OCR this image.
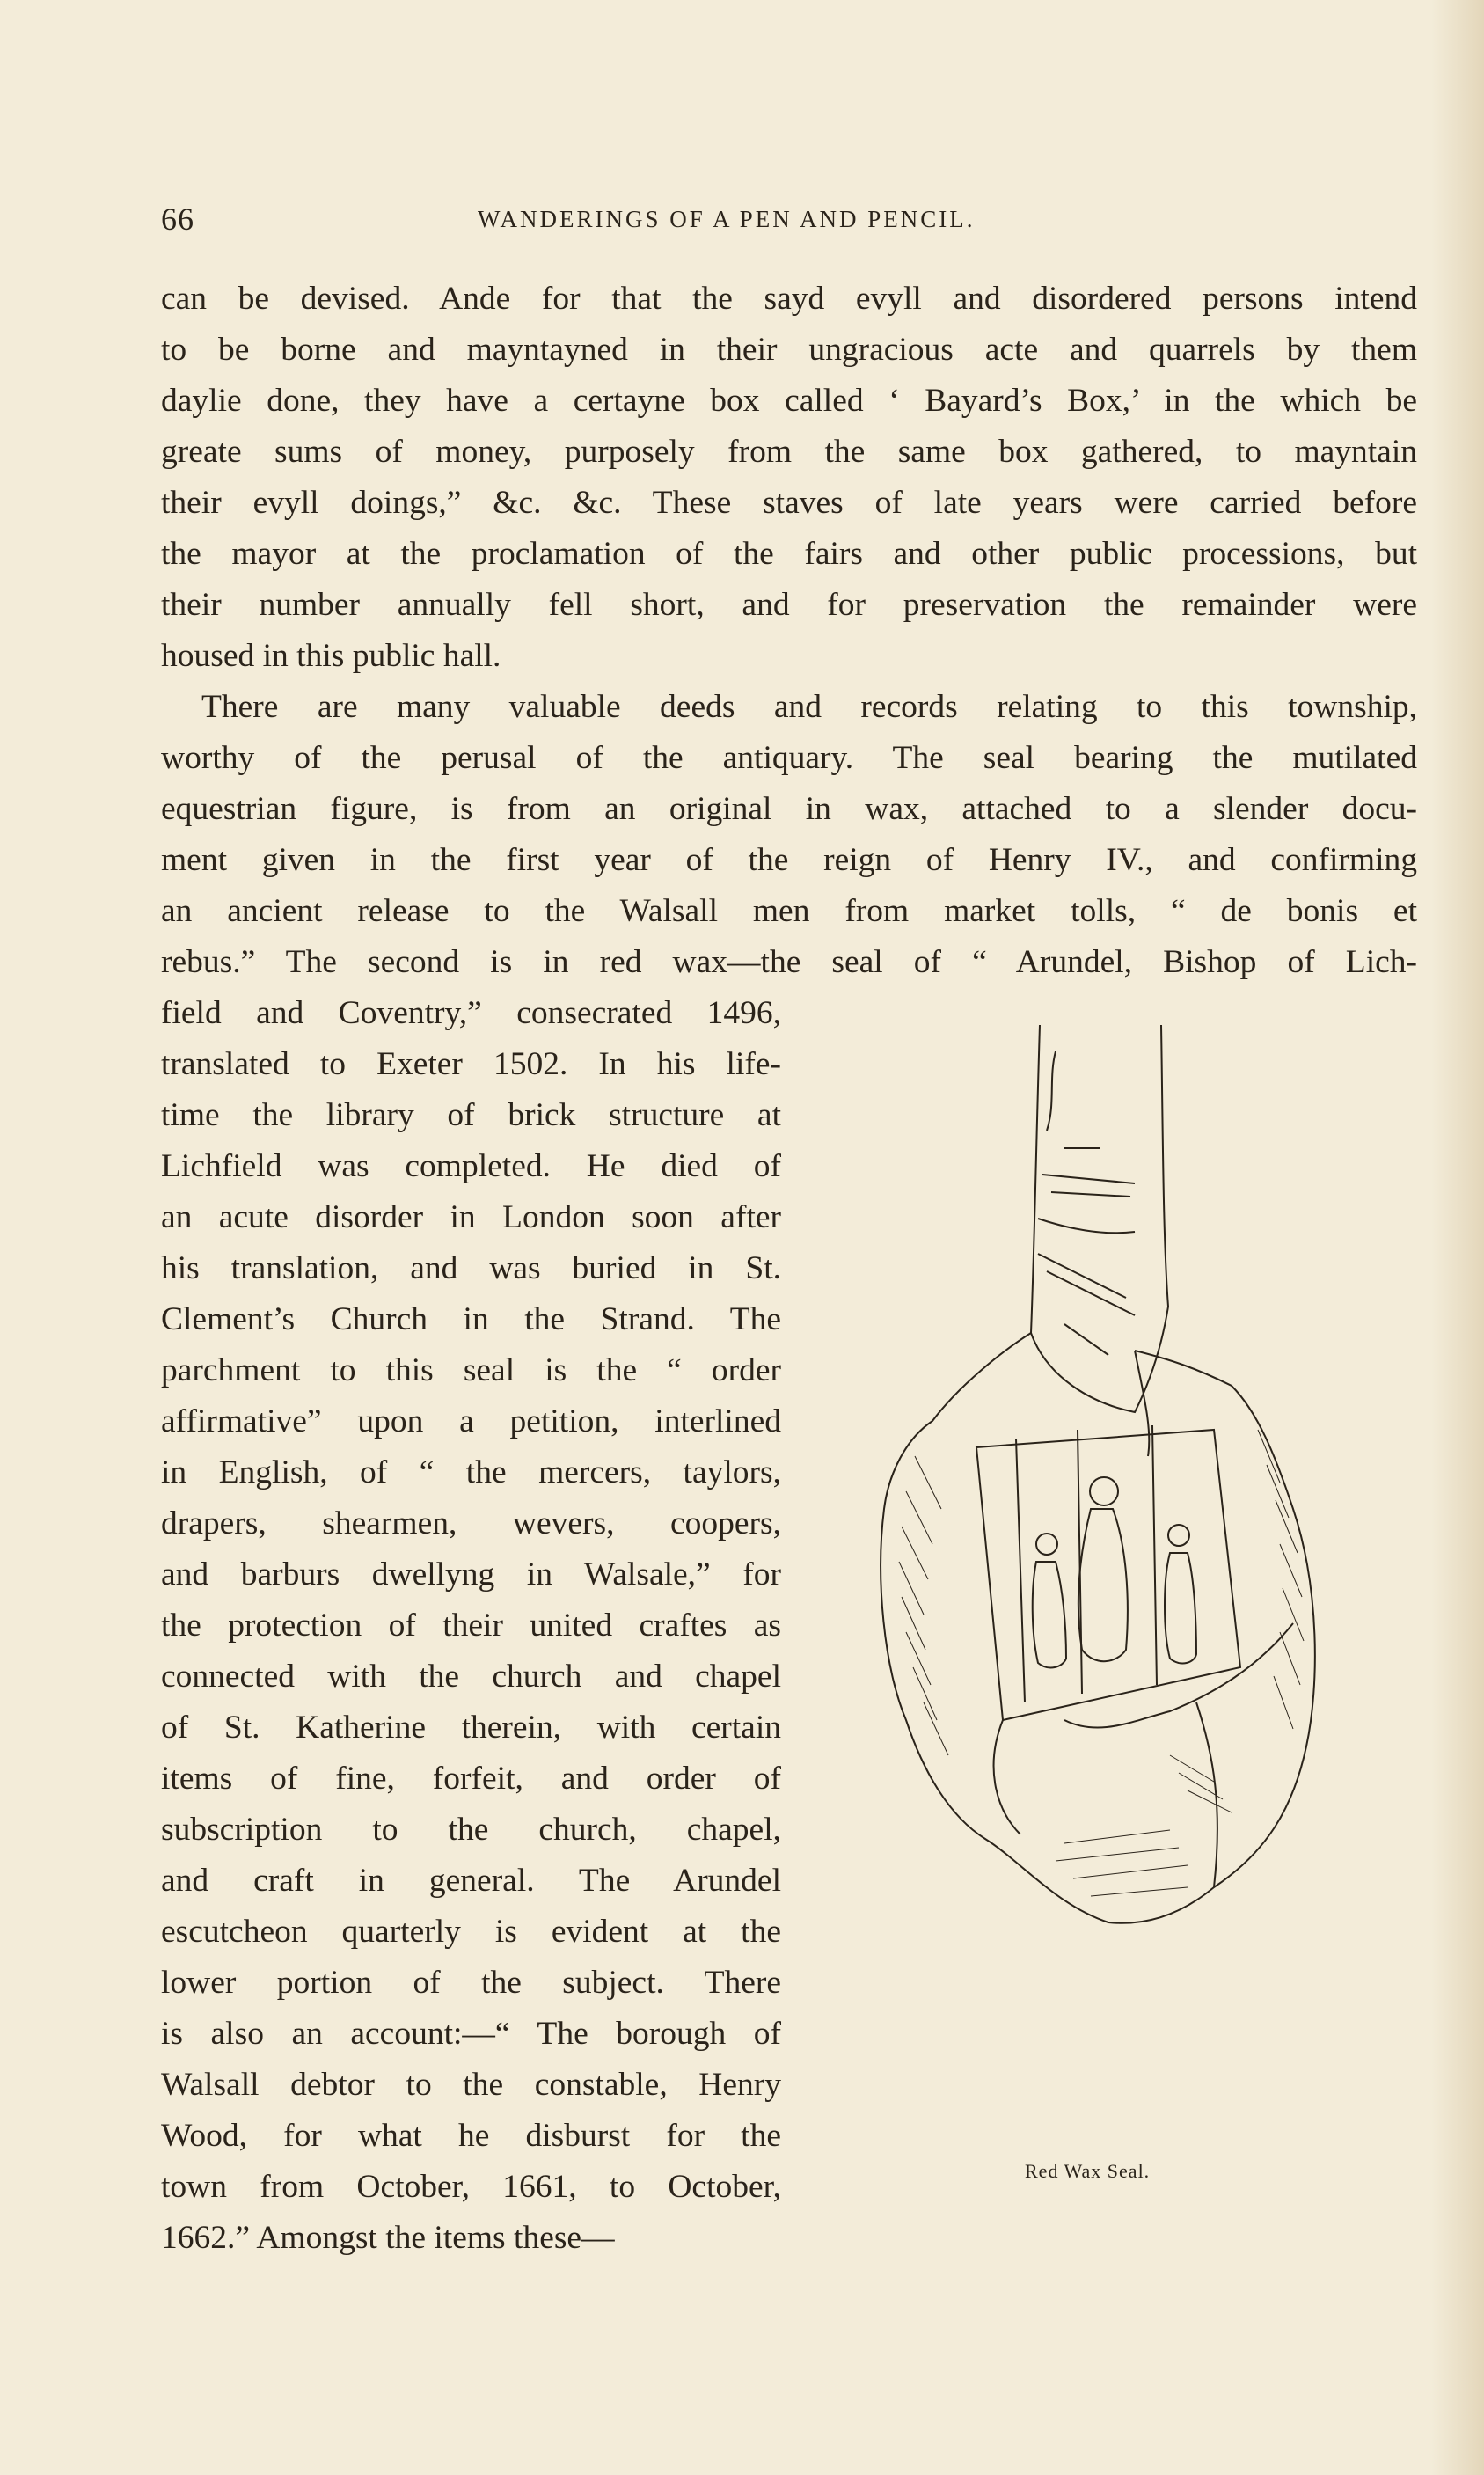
66	WANDERINGS OF A PEN AND PENCIL.
can be devised. Ande for that the sayd evyll and disordered persons intend
to be borne and mayntayned in their ungracious acte and quarrels by them
daylie done, they have a certayne box called ‘ Bayard’s Box,’ in the which be
greate sums of money, purposely from the same box gathered, to mayntain
their evyll doings,” &c. &c. These staves of late years were carried before
the mayor at the proclamation of the fairs and other public processions, but
their number annually fell short, and for preservation the remainder were
housed in this public hall.
There are many valuable deeds and records relating to this township,
worthy of the perusal of the antiquary. The seal bearing the mutilated
equestrian figure, is from an original in wax, attached to a slender docu-
ment given in the first year of the reign of Henry IV., and confirming
an ancient release to the Walsall men from market tolls, “ de bonis et
rebus.” The second is in red wax—the seal of “ Arundel, Bishop of Lich-
field and Coventry,” consecrated 1496,
translated to Exeter 1502. In his life-
time the library of brick structure at
Lichfield was completed. He died of
an acute disorder in London soon after
his translation, and was buried in St.
Clement’s Church in the Strand. The
parchment to this seal is the “ order
affirmative” upon a petition, interlined
in English, of “ the mercers, taylors,
drapers, shearmen, wevers, coopers,
and barburs dwellyng in Walsale,” for
the protection of their united craftes as
connected with the church and chapel
of St. Katherine therein, with certain
items of fine, forfeit, and order of
subscription to the church, chapel,
and craft in general. The Arundel
escutcheon quarterly is evident at the
lower portion of the subject. There
is also an account:—“ The borough of
Walsall debtor to the constable, Henry
Wood, for what he disburst for the
town from October, 1661, to October,
1662.” Amongst the items these—
Red Wax Seal.
